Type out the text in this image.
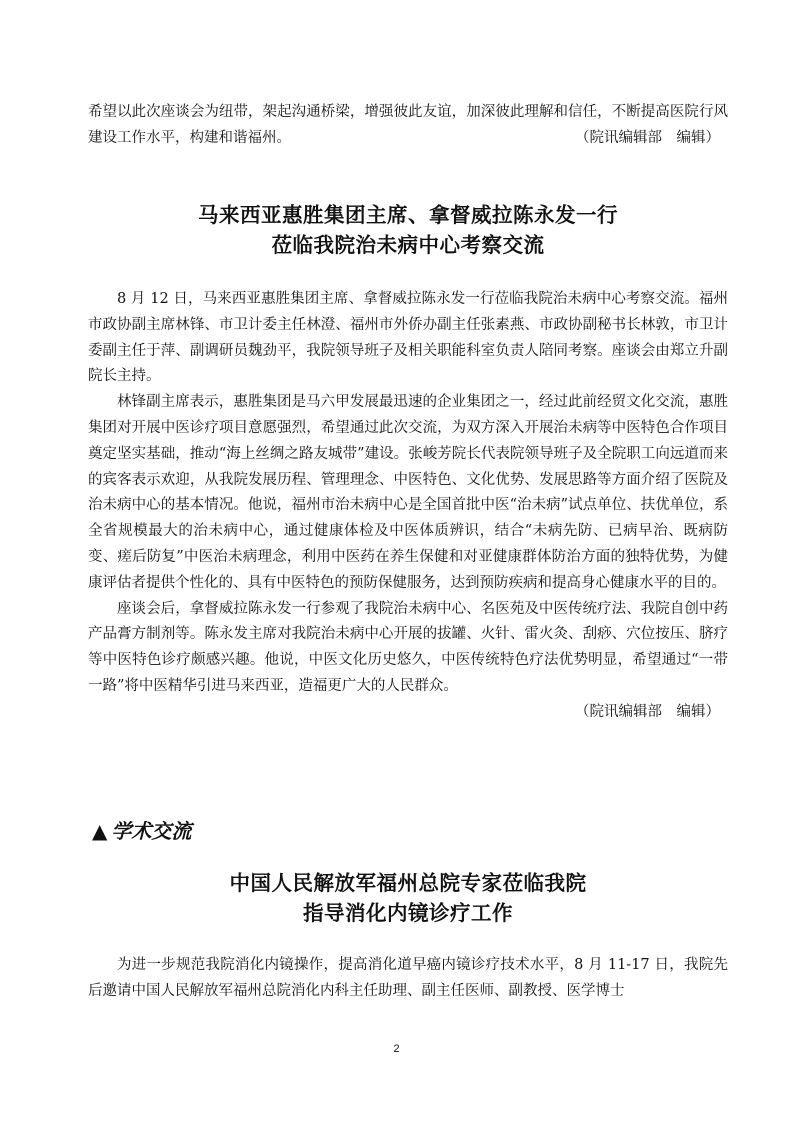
希望以此次座谈会为纽带，架起沟通桥梁，增强彼此友谊，加深彼此理解和信任，不断提高医院行风建设工作水平，构建和谐福州。	（院讯编辑部　编辑）

马来西亚惠胜集团主席、拿督威拉陈永发一行
莅临我院治未病中心考察交流

8 月 12 日，马来西亚惠胜集团主席、拿督威拉陈永发一行莅临我院治未病中心考察交流。福州市政协副主席林锋、市卫计委主任林澄、福州市外侨办副主任张素燕、市政协副秘书长林敦，市卫计委副主任于萍、副调研员魏劲平，我院领导班子及相关职能科室负责人陪同考察。座谈会由郑立升副院长主持。

林锋副主席表示，惠胜集团是马六甲发展最迅速的企业集团之一，经过此前经贸文化交流，惠胜集团对开展中医诊疗项目意愿强烈，希望通过此次交流，为双方深入开展治未病等中医特色合作项目奠定坚实基础，推动“海上丝绸之路友城带”建设。张峻芳院长代表院领导班子及全院职工向远道而来的宾客表示欢迎，从我院发展历程、管理理念、中医特色、文化优势、发展思路等方面介绍了医院及治未病中心的基本情况。他说，福州市治未病中心是全国首批中医“治未病”试点单位、扶优单位，系全省规模最大的治未病中心，通过健康体检及中医体质辨识，结合“未病先防、已病早治、既病防变、瘥后防复”中医治未病理念，利用中医药在养生保健和对亚健康群体防治方面的独特优势，为健康评估者提供个性化的、具有中医特色的预防保健服务，达到预防疾病和提高身心健康水平的目的。

座谈会后，拿督威拉陈永发一行参观了我院治未病中心、名医苑及中医传统疗法、我院自创中药产品膏方制剂等。陈永发主席对我院治未病中心开展的拔罐、火针、雷火灸、刮痧、穴位按压、脐疗等中医特色诊疗颇感兴趣。他说，中医文化历史悠久，中医传统特色疗法优势明显，希望通过“一带一路”将中医精华引进马来西亚，造福更广大的人民群众。

（院讯编辑部　编辑）

中国人民解放军福州总院专家莅临我院
指导消化内镜诊疗工作

为进一步规范我院消化内镜操作，提高消化道早癌内镜诊疗技术水平，8 月 11-17 日，我院先后邀请中国人民解放军福州总院消化内科主任助理、副主任医师、副教授、医学博士

▲ 学术交流
2
